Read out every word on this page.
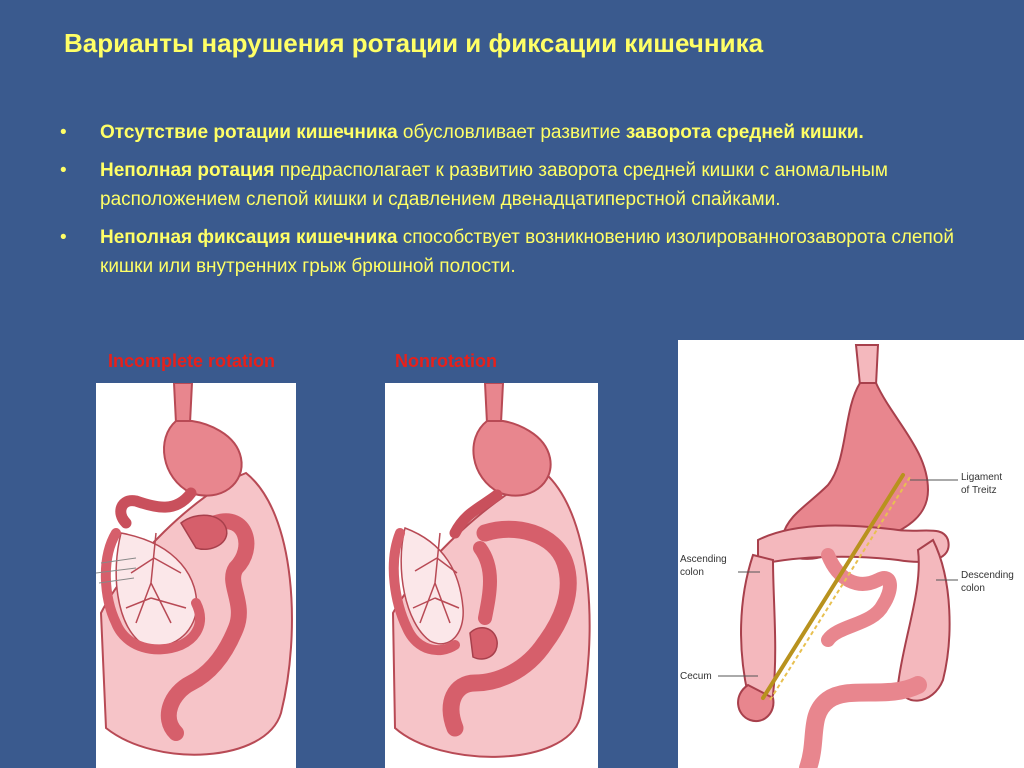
Варианты нарушения ротации и фиксации кишечника
•	Отсутствие ротации кишечника обусловливает развитие заворота средней кишки.
•	Неполная ротация предрасполагает к развитию заворота средней кишки с аномальным расположением слепой кишки и сдавлением двенадцатиперстной спайками.
•	Неполная фиксация кишечника способствует возникновению изолированногозаворота слепой кишки или внутренних грыж брюшной полости.
Incomplete rotation	Nonrotation
Ligament
of Treitz
Ascending
colon	Descending
colon
Cecum
